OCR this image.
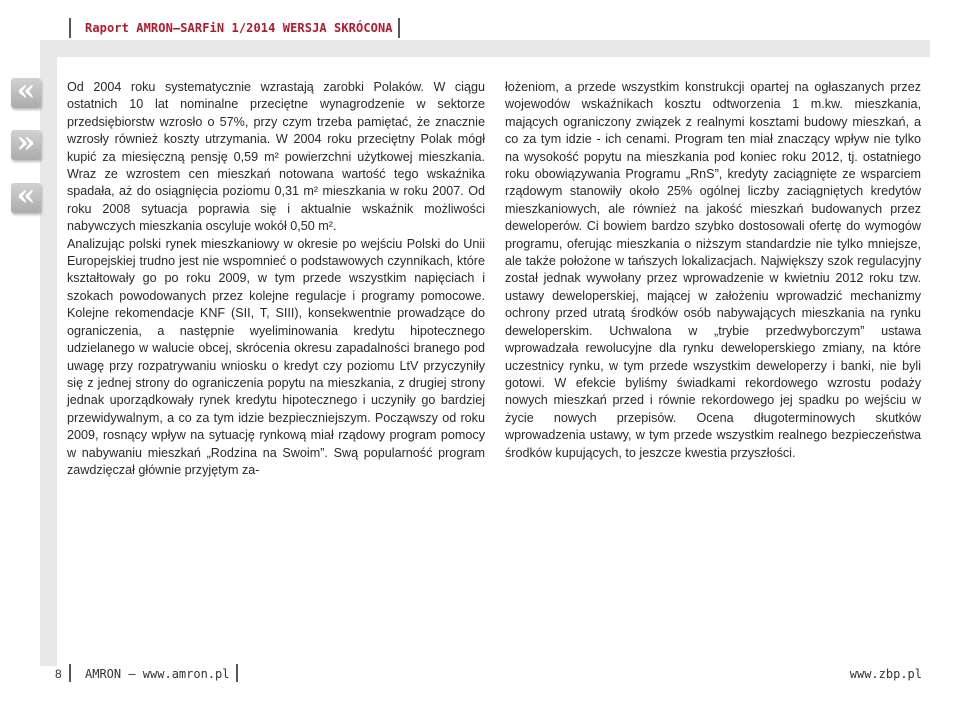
Raport AMRON–SARFiN 1/2014 WERSJA SKRÓCONA
«
»
«

Od 2004 roku systematycznie wzrastają zarobki Polaków. W ciągu ostatnich 10 lat nominalne przeciętne wynagrodzenie w sektorze przedsiębiorstw wzrosło o 57%, przy czym trzeba pamiętać, że znacznie wzrosły również koszty utrzymania. W 2004 roku przeciętny Polak mógł kupić za miesięczną pensję 0,59 m² powierzchni użytkowej mieszkania. Wraz ze wzrostem cen mieszkań notowana wartość tego wskaźnika spadała, aż do osiągnięcia poziomu 0,31 m² mieszkania w roku 2007. Od roku 2008 sytuacja poprawia się i aktualnie wskaźnik możliwości nabywczych mieszkania oscyluje wokół 0,50 m².

Analizując polski rynek mieszkaniowy w okresie po wejściu Polski do Unii Europejskiej trudno jest nie wspomnieć o podstawowych czynnikach, które kształtowały go po roku 2009, w tym przede wszystkim napięciach i szokach powodowanych przez kolejne regulacje i programy pomocowe. Kolejne rekomendacje KNF (SII, T, SIII), konsekwentnie prowadzące do ograniczenia, a następnie wyeliminowania kredytu hipotecznego udzielanego w walucie obcej, skrócenia okresu zapadalności branego pod uwagę przy rozpatrywaniu wniosku o kredyt czy poziomu LtV przyczyniły się z jednej strony do ograniczenia popytu na mieszkania, z drugiej strony jednak uporządkowały rynek kredytu hipotecznego i uczyniły go bardziej przewidywalnym, a co za tym idzie bezpieczniejszym. Począwszy od roku 2009, rosnący wpływ na sytuację rynkową miał rządowy program pomocy w nabywaniu mieszkań „Rodzina na Swoim”. Swą popularność program zawdzięczał głównie przyjętym za-

łożeniom, a przede wszystkim konstrukcji opartej na ogłaszanych przez wojewodów wskaźnikach kosztu odtworzenia 1 m.kw. mieszkania, mających ograniczony związek z realnymi kosztami budowy mieszkań, a co za tym idzie - ich cenami. Program ten miał znaczący wpływ nie tylko na wysokość popytu na mieszkania pod koniec roku 2012, tj. ostatniego roku obowiązywania Programu „RnS”, kredyty zaciągnięte ze wsparciem rządowym stanowiły około 25% ogólnej liczby zaciągniętych kredytów mieszkaniowych, ale również na jakość mieszkań budowanych przez deweloperów. Ci bowiem bardzo szybko dostosowali ofertę do wymogów programu, oferując mieszkania o niższym standardzie nie tylko mniejsze, ale także położone w tańszych lokalizacjach. Największy szok regulacyjny został jednak wywołany przez wprowadzenie w kwietniu 2012 roku tzw. ustawy deweloperskiej, mającej w założeniu wprowadzić mechanizmy ochrony przed utratą środków osób nabywających mieszkania na rynku deweloperskim. Uchwalona w „trybie przedwyborczym” ustawa wprowadzała rewolucyjne dla rynku deweloperskiego zmiany, na które uczestnicy rynku, w tym przede wszystkim deweloperzy i banki, nie byli gotowi. W efekcie byliśmy świadkami rekordowego wzrostu podaży nowych mieszkań przed i równie rekordowego jej spadku po wejściu w życie nowych przepisów. Ocena długoterminowych skutków wprowadzenia ustawy, w tym przede wszystkim realnego bezpieczeństwa środków kupujących, to jeszcze kwestia przyszłości.

8 AMRON – www.amron.pl	www.zbp.pl
